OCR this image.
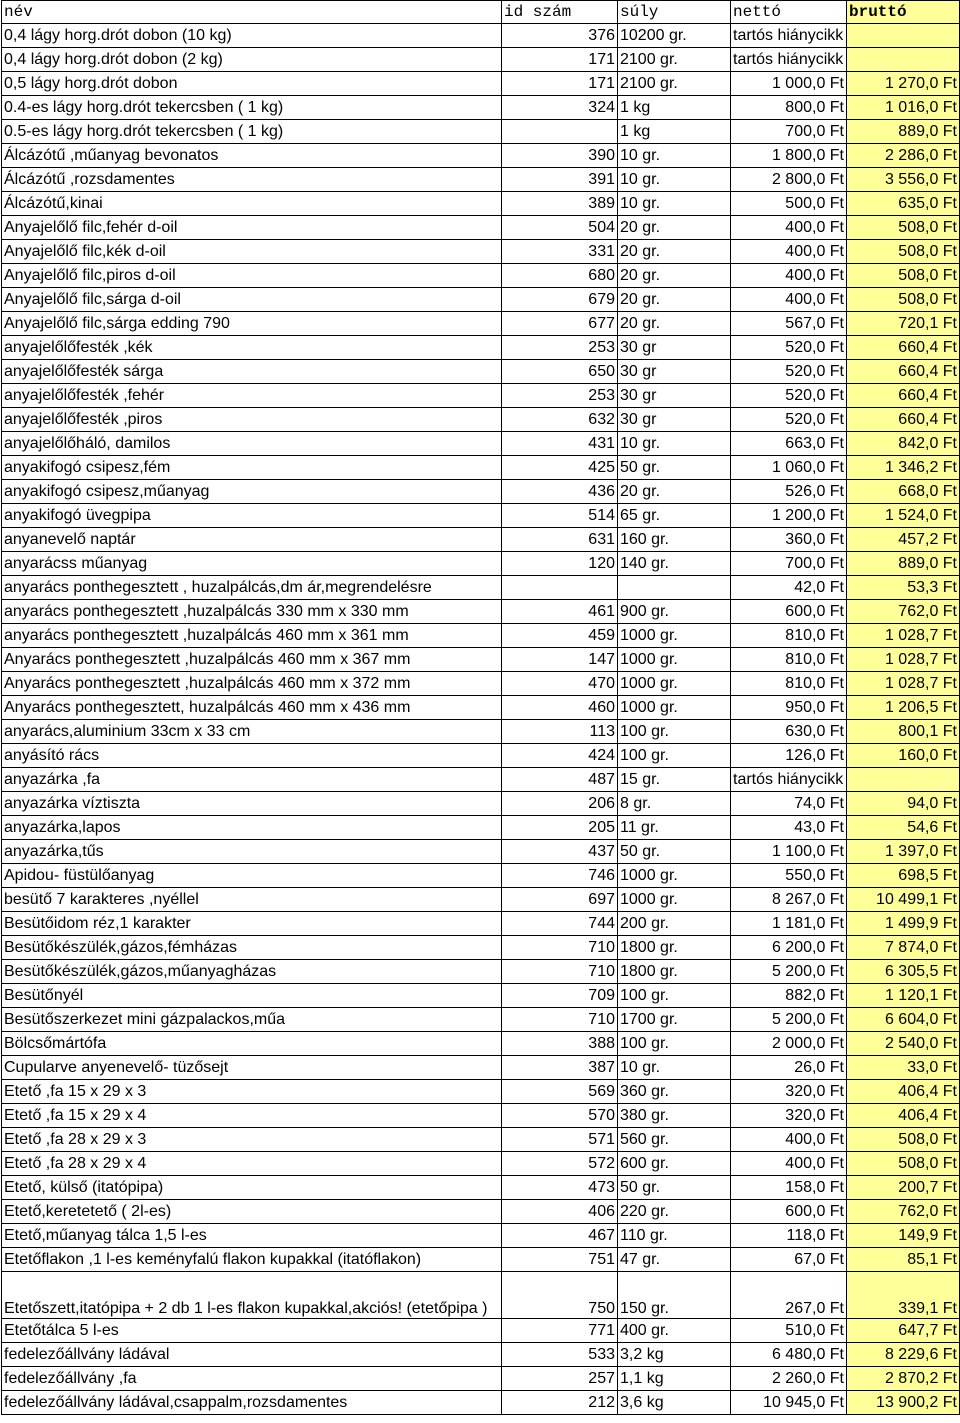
név	id szám	súly	nettó	bruttó
0,4 lágy horg.drót dobon (10 kg)	376	10200 gr.	tartós hiánycikk	
0,4 lágy horg.drót dobon (2 kg)	171	2100 gr.	tartós hiánycikk	
0,5 lágy horg.drót dobon	171	2100 gr.	1 000,0 Ft	1 270,0 Ft
0.4-es lágy horg.drót tekercsben ( 1 kg)	324	1 kg	800,0 Ft	1 016,0 Ft
0.5-es lágy horg.drót tekercsben ( 1 kg)		1 kg	700,0 Ft	889,0 Ft
Álcázótű ,műanyag bevonatos	390	10 gr.	1 800,0 Ft	2 286,0 Ft
Álcázótű ,rozsdamentes	391	10 gr.	2 800,0 Ft	3 556,0 Ft
Álcázótű,kinai	389	10 gr.	500,0 Ft	635,0 Ft
Anyajelőlő filc,fehér d-oil	504	20 gr.	400,0 Ft	508,0 Ft
Anyajelőlő filc,kék d-oil	331	20 gr.	400,0 Ft	508,0 Ft
Anyajelőlő filc,piros d-oil	680	20 gr.	400,0 Ft	508,0 Ft
Anyajelőlő filc,sárga d-oil	679	20 gr.	400,0 Ft	508,0 Ft
Anyajelőlő filc,sárga edding 790	677	20 gr.	567,0 Ft	720,1 Ft
anyajelőlőfesték ,kék	253	30 gr	520,0 Ft	660,4 Ft
anyajelőlőfesték sárga	650	30 gr	520,0 Ft	660,4 Ft
anyajelőlőfesték ,fehér	253	30 gr	520,0 Ft	660,4 Ft
anyajelőlőfesték ,piros	632	30 gr	520,0 Ft	660,4 Ft
anyajelőlőháló, damilos	431	10 gr.	663,0 Ft	842,0 Ft
anyakifogó csipesz,fém	425	50 gr.	1 060,0 Ft	1 346,2 Ft
anyakifogó csipesz,műanyag	436	20 gr.	526,0 Ft	668,0 Ft
anyakifogó üvegpipa	514	65 gr.	1 200,0 Ft	1 524,0 Ft
anyanevelő naptár	631	160 gr.	360,0 Ft	457,2 Ft
anyarácss műanyag	120	140 gr.	700,0 Ft	889,0 Ft
anyarács ponthegesztett , huzalpálcás,dm ár,megrendelésre			42,0 Ft	53,3 Ft
anyarács ponthegesztett ,huzalpálcás 330 mm x 330 mm	461	900 gr.	600,0 Ft	762,0 Ft
anyarács ponthegesztett ,huzalpálcás 460 mm x 361 mm	459	1000 gr.	810,0 Ft	1 028,7 Ft
Anyarács ponthegesztett ,huzalpálcás 460 mm x 367 mm	147	1000 gr.	810,0 Ft	1 028,7 Ft
Anyarács ponthegesztett ,huzalpálcás 460 mm x 372 mm	470	1000 gr.	810,0 Ft	1 028,7 Ft
Anyarács ponthegesztett, huzalpálcás 460 mm x 436 mm	460	1000 gr.	950,0 Ft	1 206,5 Ft
anyarács,aluminium 33cm x 33 cm	113	100 gr.	630,0 Ft	800,1 Ft
anyásító rács	424	100 gr.	126,0 Ft	160,0 Ft
anyazárka ,fa	487	15 gr.	tartós hiánycikk	
anyazárka víztiszta	206	8 gr.	74,0 Ft	94,0 Ft
anyazárka,lapos	205	11 gr.	43,0 Ft	54,6 Ft
anyazárka,tűs	437	50 gr.	1 100,0 Ft	1 397,0 Ft
Apidou- füstülőanyag	746	1000 gr.	550,0 Ft	698,5 Ft
besütő 7 karakteres ,nyéllel	697	1000 gr.	8 267,0 Ft	10 499,1 Ft
Besütőidom réz,1 karakter	744	200 gr.	1 181,0 Ft	1 499,9 Ft
Besütőkészülék,gázos,fémházas	710	1800 gr.	6 200,0 Ft	7 874,0 Ft
Besütőkészülék,gázos,műanyagházas	710	1800 gr.	5 200,0 Ft	6 305,5 Ft
Besütőnyél	709	100 gr.	882,0 Ft	1 120,1 Ft
Besütőszerkezet mini gázpalackos,műa	710	1700 gr.	5 200,0 Ft	6 604,0 Ft
Bölcsőmártófa	388	100 gr.	2 000,0 Ft	2 540,0 Ft
Cupularve anyenevelő- tüzősejt	387	10 gr.	26,0 Ft	33,0 Ft
Etető ,fa 15 x 29 x 3	569	360 gr.	320,0 Ft	406,4 Ft
Etető ,fa 15 x 29 x 4	570	380 gr.	320,0 Ft	406,4 Ft
Etető ,fa 28 x 29 x 3	571	560 gr.	400,0 Ft	508,0 Ft
Etető ,fa 28 x 29 x 4	572	600 gr.	400,0 Ft	508,0 Ft
Etető, külső (itatópipa)	473	50 gr.	158,0 Ft	200,7 Ft
Etető,keretetető ( 2l-es)	406	220 gr.	600,0 Ft	762,0 Ft
Etető,műanyag tálca 1,5 l-es	467	110 gr.	118,0 Ft	149,9 Ft
Etetőflakon ,1 l-es keményfalú flakon kupakkal (itatóflakon)	751	47 gr.	67,0 Ft	85,1 Ft
Etetőszett,itatópipa + 2 db 1 l-es flakon kupakkal,akciós! (etetőpipa )	750	150 gr.	267,0 Ft	339,1 Ft
Etetőtálca 5 l-es	771	400 gr.	510,0 Ft	647,7 Ft
fedelezőállvány ládával	533	3,2 kg	6 480,0 Ft	8 229,6 Ft
fedelezőállvány ,fa	257	1,1 kg	2 260,0 Ft	2 870,2 Ft
fedelezőállvány ládával,csappalm,rozsdamentes	212	3,6 kg	10 945,0 Ft	13 900,2 Ft
